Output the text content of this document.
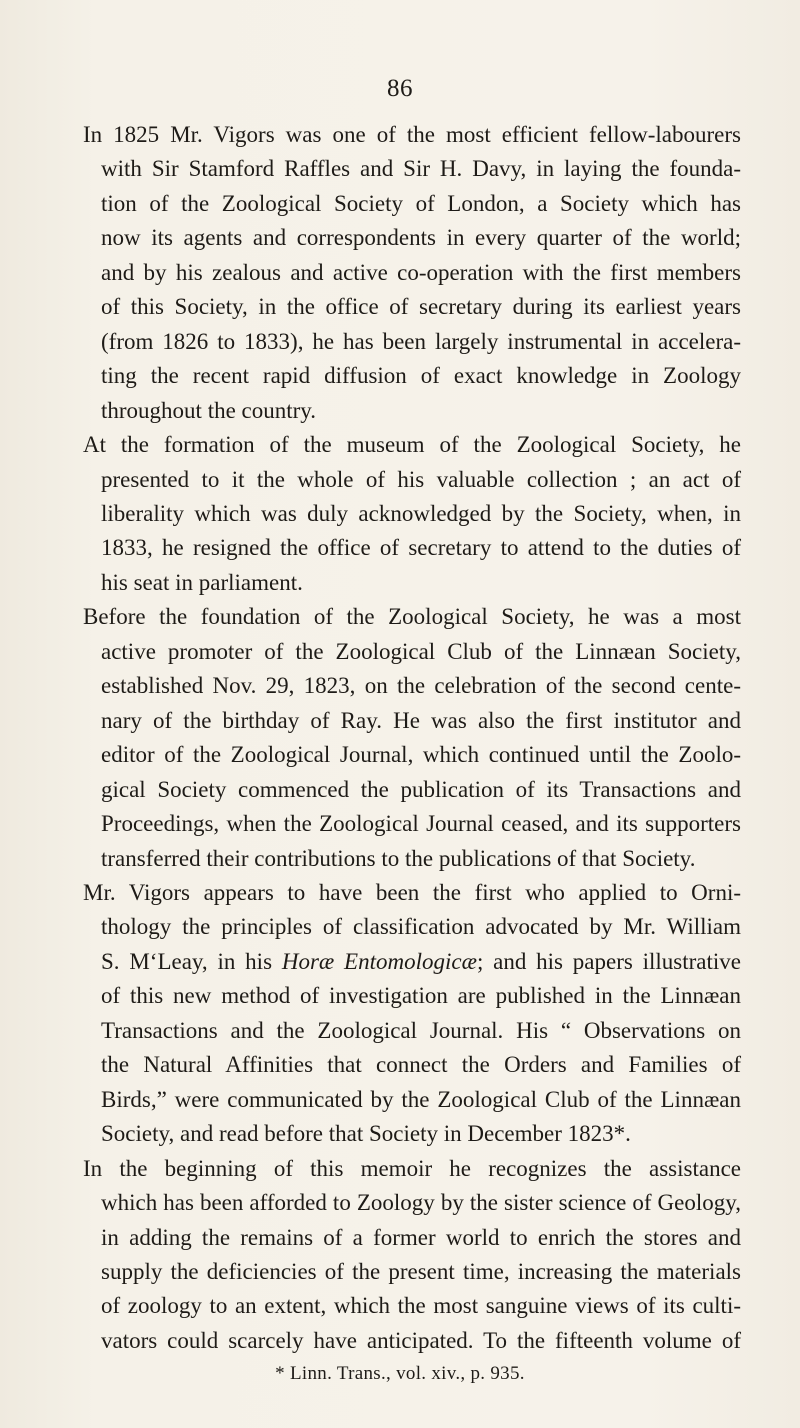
86

In 1825 Mr. Vigors was one of the most efficient fellow-labourers
with Sir Stamford Raffles and Sir H. Davy, in laying the founda-
tion of the Zoological Society of London, a Society which has
now its agents and correspondents in every quarter of the world;
and by his zealous and active co-operation with the first members
of this Society, in the office of secretary during its earliest years
(from 1826 to 1833), he has been largely instrumental in accelera-
ting the recent rapid diffusion of exact knowledge in Zoology
throughout the country.

At the formation of the museum of the Zoological Society, he
presented to it the whole of his valuable collection ; an act of
liberality which was duly acknowledged by the Society, when, in
1833, he resigned the office of secretary to attend to the duties of
his seat in parliament.

Before the foundation of the Zoological Society, he was a most
active promoter of the Zoological Club of the Linnæan Society,
established Nov. 29, 1823, on the celebration of the second cente-
nary of the birthday of Ray. He was also the first institutor and
editor of the Zoological Journal, which continued until the Zoolo-
gical Society commenced the publication of its Transactions and
Proceedings, when the Zoological Journal ceased, and its supporters
transferred their contributions to the publications of that Society.

Mr. Vigors appears to have been the first who applied to Orni-
thology the principles of classification advocated by Mr. William
S. M‘Leay, in his Horæ Entomologicæ; and his papers illustrative
of this new method of investigation are published in the Linnæan
Transactions and the Zoological Journal. His “ Observations on
the Natural Affinities that connect the Orders and Families of
Birds,” were communicated by the Zoological Club of the Linnæan
Society, and read before that Society in December 1823*.

In the beginning of this memoir he recognizes the assistance
which has been afforded to Zoology by the sister science of Geology,
in adding the remains of a former world to enrich the stores and
supply the deficiencies of the present time, increasing the materials
of zoology to an extent, which the most sanguine views of its culti-
vators could scarcely have anticipated. To the fifteenth volume of

* Linn. Trans., vol. xiv., p. 935.
